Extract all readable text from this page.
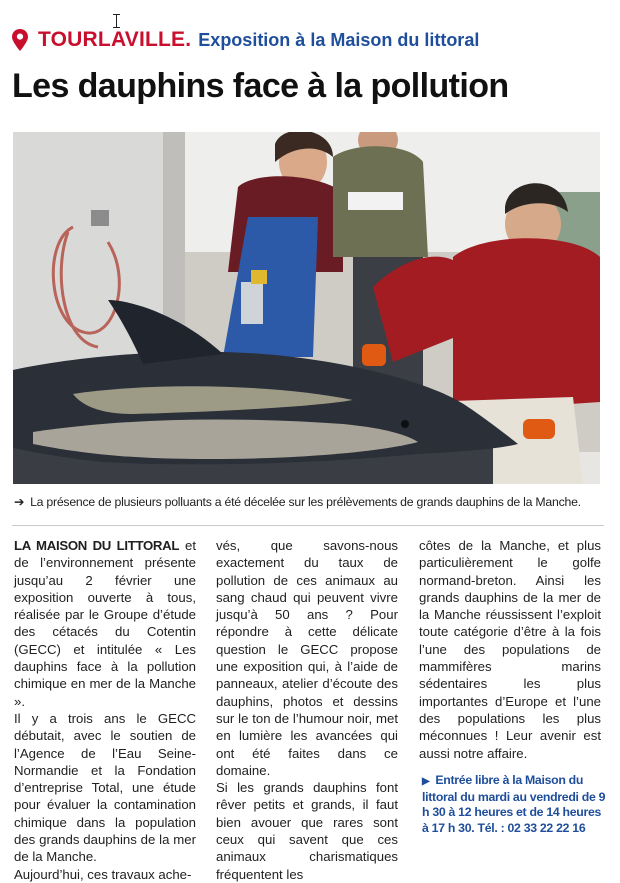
TOURLAVILLE. Exposition à la Maison du littoral
Les dauphins face à la pollution
➔ La présence de plusieurs polluants a été décelée sur les prélèvements de grands dauphins de la Manche.

LA MAISON DU LITTORAL et de l’environnement présente jusqu’au 2 février une exposition ouverte à tous, réalisée par le Groupe d’étude des cétacés du Cotentin (GECC) et intitulée « Les dauphins face à la pollution chimique en mer de la Manche ».

Il y a trois ans le GECC débutait, avec le soutien de l’Agence de l’Eau Seine-Normandie et la Fondation d’entreprise Total, une étude pour évaluer la contamination chimique dans la population des grands dauphins de la mer de la Manche.

Aujourd’hui, ces travaux ache-

vés, que savons-nous exactement du taux de pollution de ces animaux au sang chaud qui peuvent vivre jusqu’à 50 ans ? Pour répondre à cette délicate question le GECC propose une exposition qui, à l’aide de panneaux, atelier d’écoute des dauphins, photos et dessins sur le ton de l’humour noir, met en lumière les avancées qui ont été faites dans ce domaine.

Si les grands dauphins font rêver petits et grands, il faut bien avouer que rares sont ceux qui savent que ces animaux charismatiques fréquentent les

côtes de la Manche, et plus particulièrement le golfe normand-breton. Ainsi les grands dauphins de la mer de la Manche réussissent l’exploit toute catégorie d’être à la fois l’une des populations de mammifères marins sédentaires les plus importantes d’Europe et l’une des populations les plus méconnues ! Leur avenir est aussi notre affaire.

▶ Entrée libre à la Maison du littoral du mardi au vendredi de 9 h 30 à 12 heures et de 14 heures à 17 h 30. Tél. : 02 33 22 22 16
